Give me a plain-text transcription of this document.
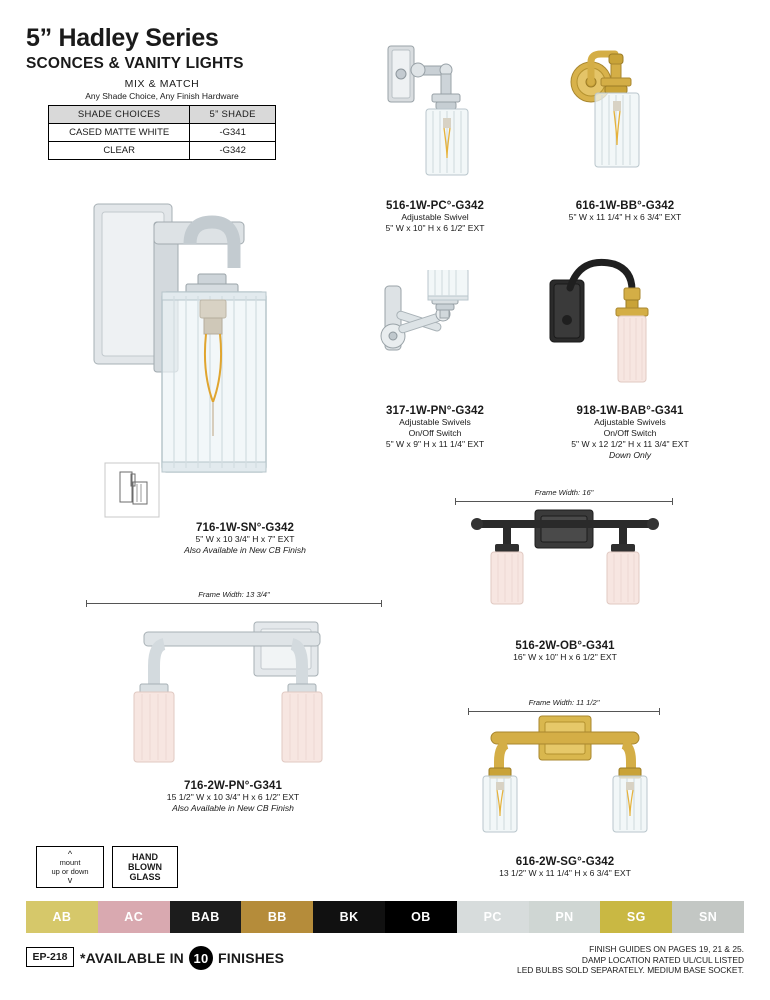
5” Hadley Series
SCONCES & VANITY LIGHTS
MIX & MATCH
Any Shade Choice, Any Finish Hardware
SHADE CHOICES	5” SHADE
CASED MATTE WHITE	-G341
CLEAR	-G342
516-1W-PC°-G342
Adjustable Swivel
5" W x 10" H x 6 1/2" EXT
616-1W-BB°-G342
5" W x 11 1/4" H x 6 3/4" EXT
317-1W-PN°-G342
Adjustable Swivels
On/Off Switch
5" W x 9" H x 11 1/4" EXT
918-1W-BAB°-G341
Adjustable Swivels
On/Off Switch
5" W x 12 1/2" H x 11 3/4" EXT
Down Only
716-1W-SN°-G342
5" W x 10 3/4" H x 7" EXT
Also Available in New CB Finish
Frame Width: 16"
516-2W-OB°-G341
16" W x 10" H x 6 1/2" EXT
Frame Width: 13 3/4"
716-2W-PN°-G341
15 1/2" W x 10 3/4" H x 6 1/2" EXT
Also Available in New CB Finish
Frame Width: 11 1/2"
616-2W-SG°-G342
13 1/2" W x 11 1/4" H x 6 3/4" EXT
^
mount
up or down
v
HAND
BLOWN
GLASS
AB	AC	BAB	BB	BK	OB	PC	PN	SG	SN
EP-218 *AVAILABLE IN 10 FINISHES
FINISH GUIDES ON PAGES 19, 21 & 25.
DAMP LOCATION RATED UL/CUL LISTED
LED BULBS SOLD SEPARATELY. MEDIUM BASE SOCKET.
